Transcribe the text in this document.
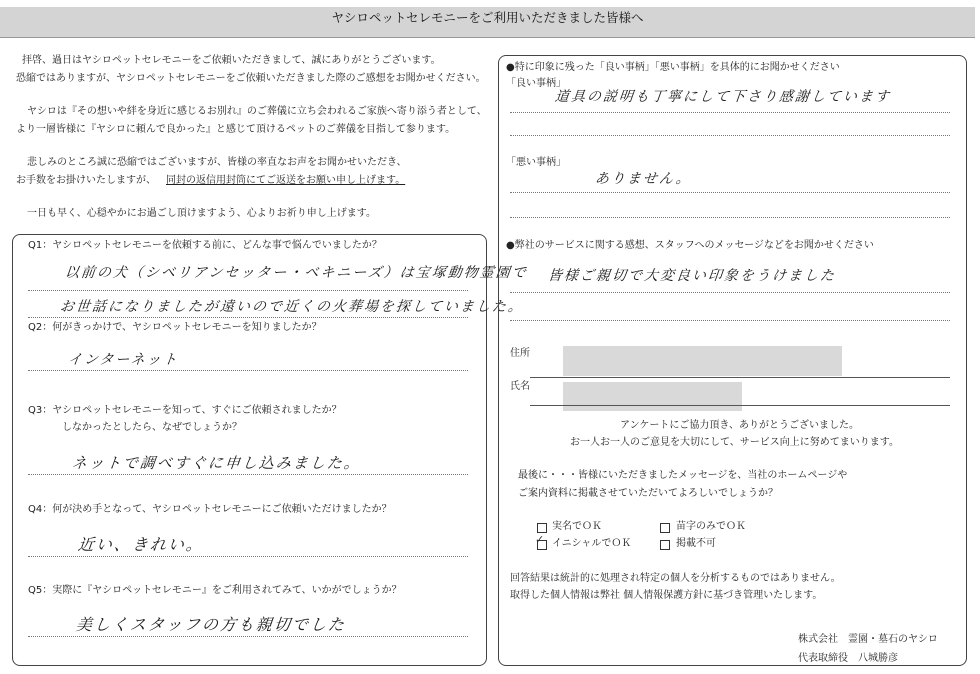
ヤシロペットセレモニーをご利用いただきました皆様へ
拝啓、過日はヤシロペットセレモニーをご依頼いただきまして、誠にありがとうございます。
恐縮ではありますが、ヤシロペットセレモニーをご依頼いただきました際のご感想をお聞かせください。
ヤシロは『その想いや絆を身近に感じるお別れ』のご葬儀に立ち会われるご家族へ寄り添う者として、
より一層皆様に『ヤシロに頼んで良かった』と感じて頂けるペットのご葬儀を目指して参ります。
悲しみのところ誠に恐縮ではございますが、皆様の率直なお声をお聞かせいただき、
お手数をお掛けいたしますが、 同封の返信用封筒にてご返送をお願い申し上げます。
一日も早く、心穏やかにお過ごし頂けますよう、心よりお祈り申し上げます。
Q1：ヤシロペットセレモニーを依頼する前に、どんな事で悩んでいましたか？
以前の犬（シベリアンセッター・ベキニーズ）は宝塚動物霊園で
お世話になりましたが遠いので近くの火葬場を探していました。
Q2：何がきっかけで、ヤシロペットセレモニーを知りましたか？
インターネット
Q3：ヤシロペットセレモニーを知って、すぐにご依頼されましたか？
しなかったとしたら、なぜでしょうか？
ネットで調べすぐに申し込みました。
Q4：何が決め手となって、ヤシロペットセレモニーにご依頼いただけましたか？
近い、きれい。
Q5：実際に『ヤシロペットセレモニー』をご利用されてみて、いかがでしょうか？
美しくスタッフの方も親切でした
●特に印象に残った「良い事柄」「悪い事柄」を具体的にお聞かせください
「良い事柄」
道具の説明も丁寧にして下さり感謝しています
「悪い事柄」
ありません。
●弊社のサービスに関する感想、スタッフへのメッセージなどをお聞かせください
皆様ご親切で大変良い印象をうけました
住所
氏名
アンケートにご協力頂き、ありがとうございました。
お一人お一人のご意見を大切にして、サービス向上に努めてまいります。
最後に・・・皆様にいただきましたメッセージを、当社のホームページや
ご案内資料に掲載させていただいてよろしいでしょうか？
実名でＯＫ	苗字のみでＯＫ
✓ イニシャルでＯＫ	掲載不可
回答結果は統計的に処理され特定の個人を分析するものではありません。
取得した個人情報は弊社 個人情報保護方針に基づき管理いたします。
株式会社　霊園・墓石のヤシロ
代表取締役　八城勝彦
